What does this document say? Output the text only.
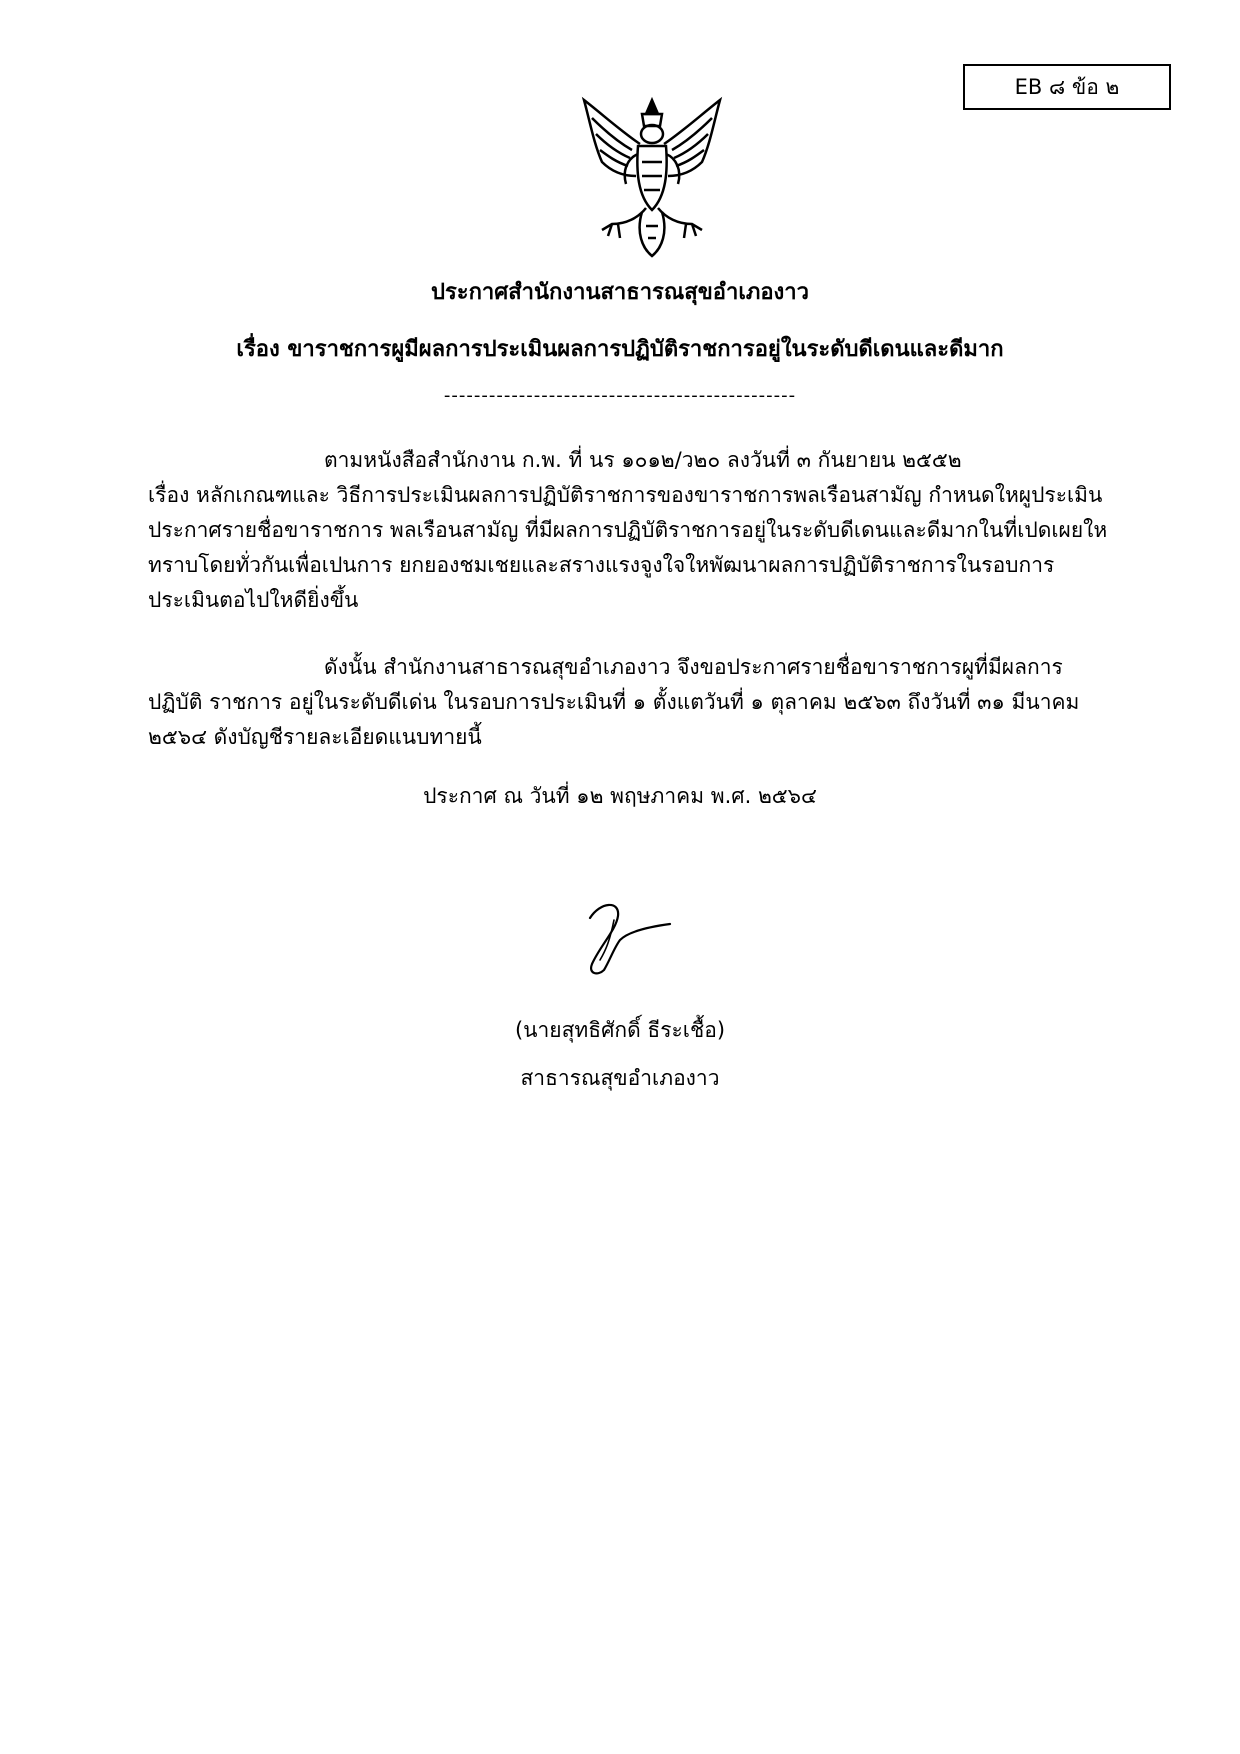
EB ๘ ข้อ ๒
ประกาศสำนักงานสาธารณสุขอำเภองาว
เรื่อง ขาราชการผูมีผลการประเมินผลการปฏิบัติราชการอยู่ในระดับดีเดนและดีมาก
-----------------------------------------------
ตามหนังสือสำนักงาน ก.พ. ที่ นร ๑๐๑๒/ว๒๐ ลงวันที่ ๓ กันยายน ๒๕๕๒
เรื่อง หลักเกณฑและ วิธีการประเมินผลการปฏิบัติราชการของขาราชการพลเรือนสามัญ กำหนดใหผูประเมิน
ประกาศรายชื่อขาราชการ พลเรือนสามัญ ที่มีผลการปฏิบัติราชการอยู่ในระดับดีเดนและดีมากในที่เปดเผยให
ทราบโดยทั่วกันเพื่อเปนการ ยกยองชมเชยและสรางแรงจูงใจใหพัฒนาผลการปฏิบัติราชการในรอบการ
ประเมินตอไปใหดียิ่งขึ้น
ดังนั้น สำนักงานสาธารณสุขอำเภองาว จึงขอประกาศรายชื่อขาราชการผูที่มีผลการ
ปฏิบัติ ราชการ อยู่ในระดับดีเด่น ในรอบการประเมินที่ ๑ ตั้งแตวันที่ ๑ ตุลาคม ๒๕๖๓ ถึงวันที่ ๓๑ มีนาคม
๒๕๖๔ ดังบัญชีรายละเอียดแนบทายนี้
ประกาศ ณ วันที่ ๑๒ พฤษภาคม พ.ศ. ๒๕๖๔
(นายสุทธิศักดิ์ ธีระเชื้อ)
สาธารณสุขอำเภองาว
